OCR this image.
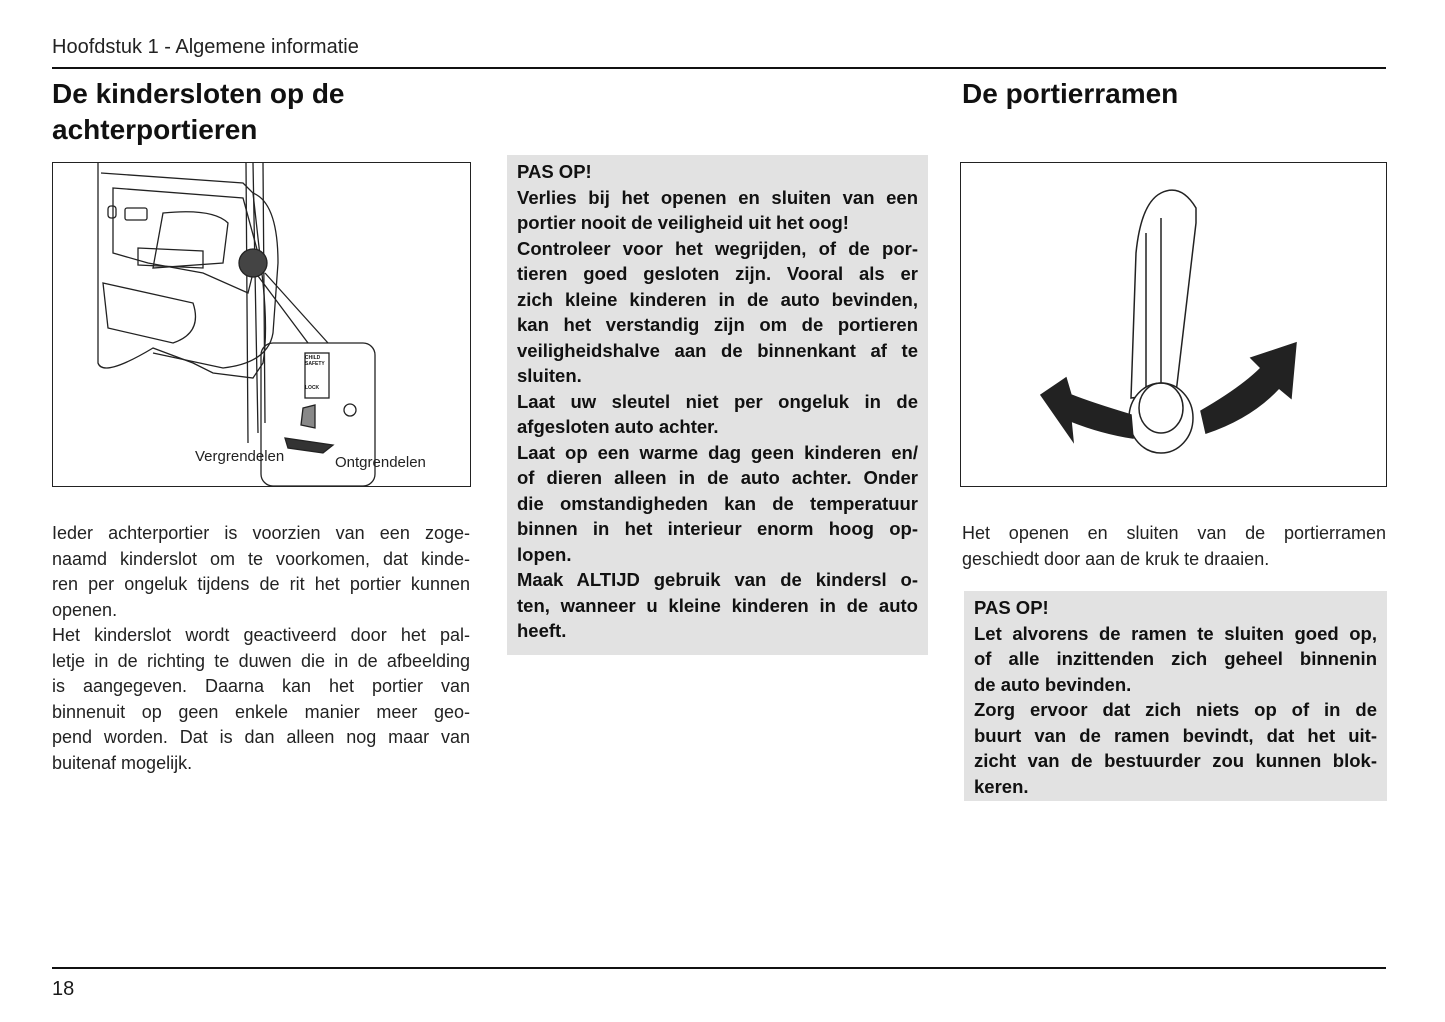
Hoofdstuk 1 - Algemene informatie
De kindersloten op de
achterportieren
CHILD
SAFETY
LOCK
Vergrendelen	Ontgrendelen
Ieder achterportier is voorzien van een zoge-
naamd kinderslot om te voorkomen, dat kinde-
ren per ongeluk tijdens de rit het portier kunnen
openen.
Het kinderslot wordt geactiveerd door het pal-
letje in de richting te duwen die in de afbeelding
is aangegeven. Daarna kan het portier van
binnenuit op geen enkele manier meer geo-
pend worden. Dat is dan alleen nog maar van
buitenaf mogelijk.
PAS OP!
Verlies bij het openen en sluiten van een
portier nooit de veiligheid uit het oog!
Controleer voor het wegrijden, of de por-
tieren goed gesloten zijn. Vooral als er
zich kleine kinderen in de auto bevinden,
kan het verstandig zijn om de portieren
veiligheidshalve aan de binnenkant af te
sluiten.
Laat uw sleutel niet per ongeluk in de
afgesloten auto achter.
Laat op een warme dag geen kinderen en/
of dieren alleen in de auto achter. Onder
die omstandigheden kan de temperatuur
binnen in het interieur enorm hoog op-
lopen.
Maak ALTIJD gebruik van de kindersl o-
ten, wanneer u kleine kinderen in de auto
heeft.
De portierramen
Het openen en sluiten van de portierramen
geschiedt door aan de kruk te draaien.
PAS OP!
Let alvorens de ramen te sluiten goed op,
of alle inzittenden zich geheel binnenin
de auto bevinden.
Zorg ervoor dat zich niets op of in de
buurt van de ramen bevindt, dat het uit-
zicht van de bestuurder zou kunnen blok-
keren.
18
